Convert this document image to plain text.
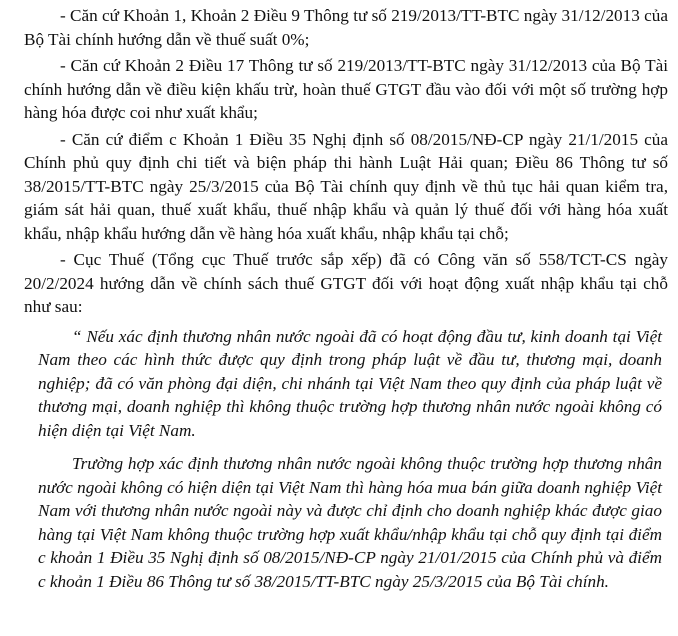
- Căn cứ Khoản 1, Khoản 2 Điều 9 Thông tư số 219/2013/TT-BTC ngày 31/12/2013 của Bộ Tài chính hướng dẫn về thuế suất 0%;

- Căn cứ Khoản 2 Điều 17 Thông tư số 219/2013/TT-BTC ngày 31/12/2013 của Bộ Tài chính hướng dẫn về điều kiện khấu trừ, hoàn thuế GTGT đầu vào đối với một số trường hợp hàng hóa được coi như xuất khẩu;

- Căn cứ điểm c Khoản 1 Điều 35 Nghị định số 08/2015/NĐ-CP ngày 21/1/2015 của Chính phủ quy định chi tiết và biện pháp thi hành Luật Hải quan; Điều 86 Thông tư số 38/2015/TT-BTC ngày 25/3/2015 của Bộ Tài chính quy định về thủ tục hải quan kiểm tra, giám sát hải quan, thuế xuất khẩu, thuế nhập khẩu và quản lý thuế đối với hàng hóa xuất khẩu, nhập khẩu hướng dẫn về hàng hóa xuất khẩu, nhập khẩu tại chỗ;

- Cục Thuế (Tổng cục Thuế trước sắp xếp) đã có Công văn số 558/TCT-CS ngày 20/2/2024 hướng dẫn về chính sách thuế GTGT đối với hoạt động xuất nhập khẩu tại chỗ như sau:

“ Nếu xác định thương nhân nước ngoài đã có hoạt động đầu tư, kinh doanh tại Việt Nam theo các hình thức được quy định trong pháp luật về đầu tư, thương mại, doanh nghiệp; đã có văn phòng đại diện, chi nhánh tại Việt Nam theo quy định của pháp luật về thương mại, doanh nghiệp thì không thuộc trường hợp thương nhân nước ngoài không có hiện diện tại Việt Nam.

Trường hợp xác định thương nhân nước ngoài không thuộc trường hợp thương nhân nước ngoài không có hiện diện tại Việt Nam thì hàng hóa mua bán giữa doanh nghiệp Việt Nam với thương nhân nước ngoài này và được chỉ định cho doanh nghiệp khác được giao hàng tại Việt Nam không thuộc trường hợp xuất khẩu/nhập khẩu tại chỗ quy định tại điểm c khoản 1 Điều 35 Nghị định số 08/2015/NĐ-CP ngày 21/01/2015 của Chính phủ và điểm c khoản 1 Điều 86 Thông tư số 38/2015/TT-BTC ngày 25/3/2015 của Bộ Tài chính.
